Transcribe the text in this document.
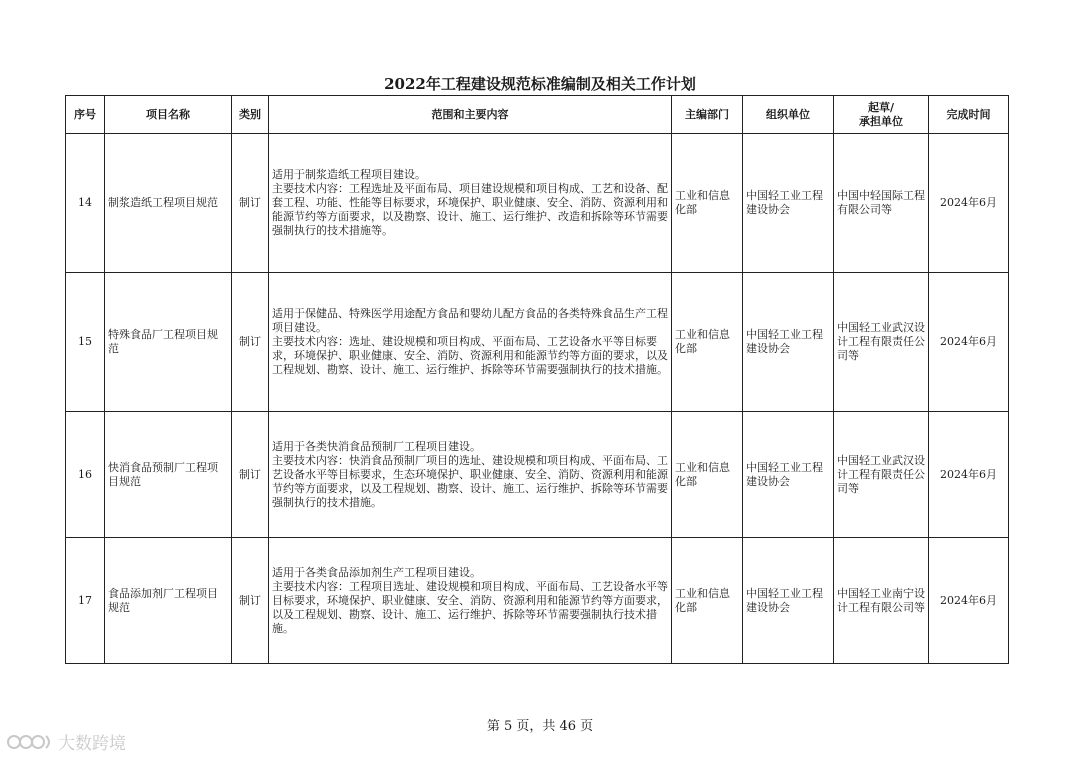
2022年工程建设规范标准编制及相关工作计划
序号	项目名称	类别	范围和主要内容	主编部门	组织单位	起草/
承担单位	完成时间
14	制浆造纸工程项目规范	制订	适用于制浆造纸工程项目建设。
主要技术内容：工程选址及平面布局、项目建设规模和项目构成、工艺和设备、配套工程、功能、性能等目标要求，环境保护、职业健康、安全、消防、资源利用和能源节约等方面要求，以及勘察、设计、施工、运行维护、改造和拆除等环节需要强制执行的技术措施等。	工业和信息化部	中国轻工业工程建设协会	中国中轻国际工程有限公司等	2024年6月
15	特殊食品厂工程项目规范	制订	适用于保健品、特殊医学用途配方食品和婴幼儿配方食品的各类特殊食品生产工程项目建设。
主要技术内容：选址、建设规模和项目构成、平面布局、工艺设备水平等目标要求，环境保护、职业健康、安全、消防、资源利用和能源节约等方面的要求，以及工程规划、勘察、设计、施工、运行维护、拆除等环节需要强制执行的技术措施。	工业和信息化部	中国轻工业工程建设协会	中国轻工业武汉设计工程有限责任公司等	2024年6月
16	快消食品预制厂工程项目规范	制订	适用于各类快消食品预制厂工程项目建设。
主要技术内容：快消食品预制厂项目的选址、建设规模和项目构成、平面布局、工艺设备水平等目标要求，生态环境保护、职业健康、安全、消防、资源利用和能源节约等方面要求，以及工程规划、勘察、设计、施工、运行维护、拆除等环节需要强制执行的技术措施。	工业和信息化部	中国轻工业工程建设协会	中国轻工业武汉设计工程有限责任公司等	2024年6月
17	食品添加剂厂工程项目规范	制订	适用于各类食品添加剂生产工程项目建设。
主要技术内容：工程项目选址、建设规模和项目构成、平面布局、工艺设备水平等目标要求，环境保护、职业健康、安全、消防、资源利用和能源节约等方面要求，以及工程规划、勘察、设计、施工、运行维护、拆除等环节需要强制执行技术措施。	工业和信息化部	中国轻工业工程建设协会	中国轻工业南宁设计工程有限公司等	2024年6月
第 5 页，共 46 页
大数跨境
